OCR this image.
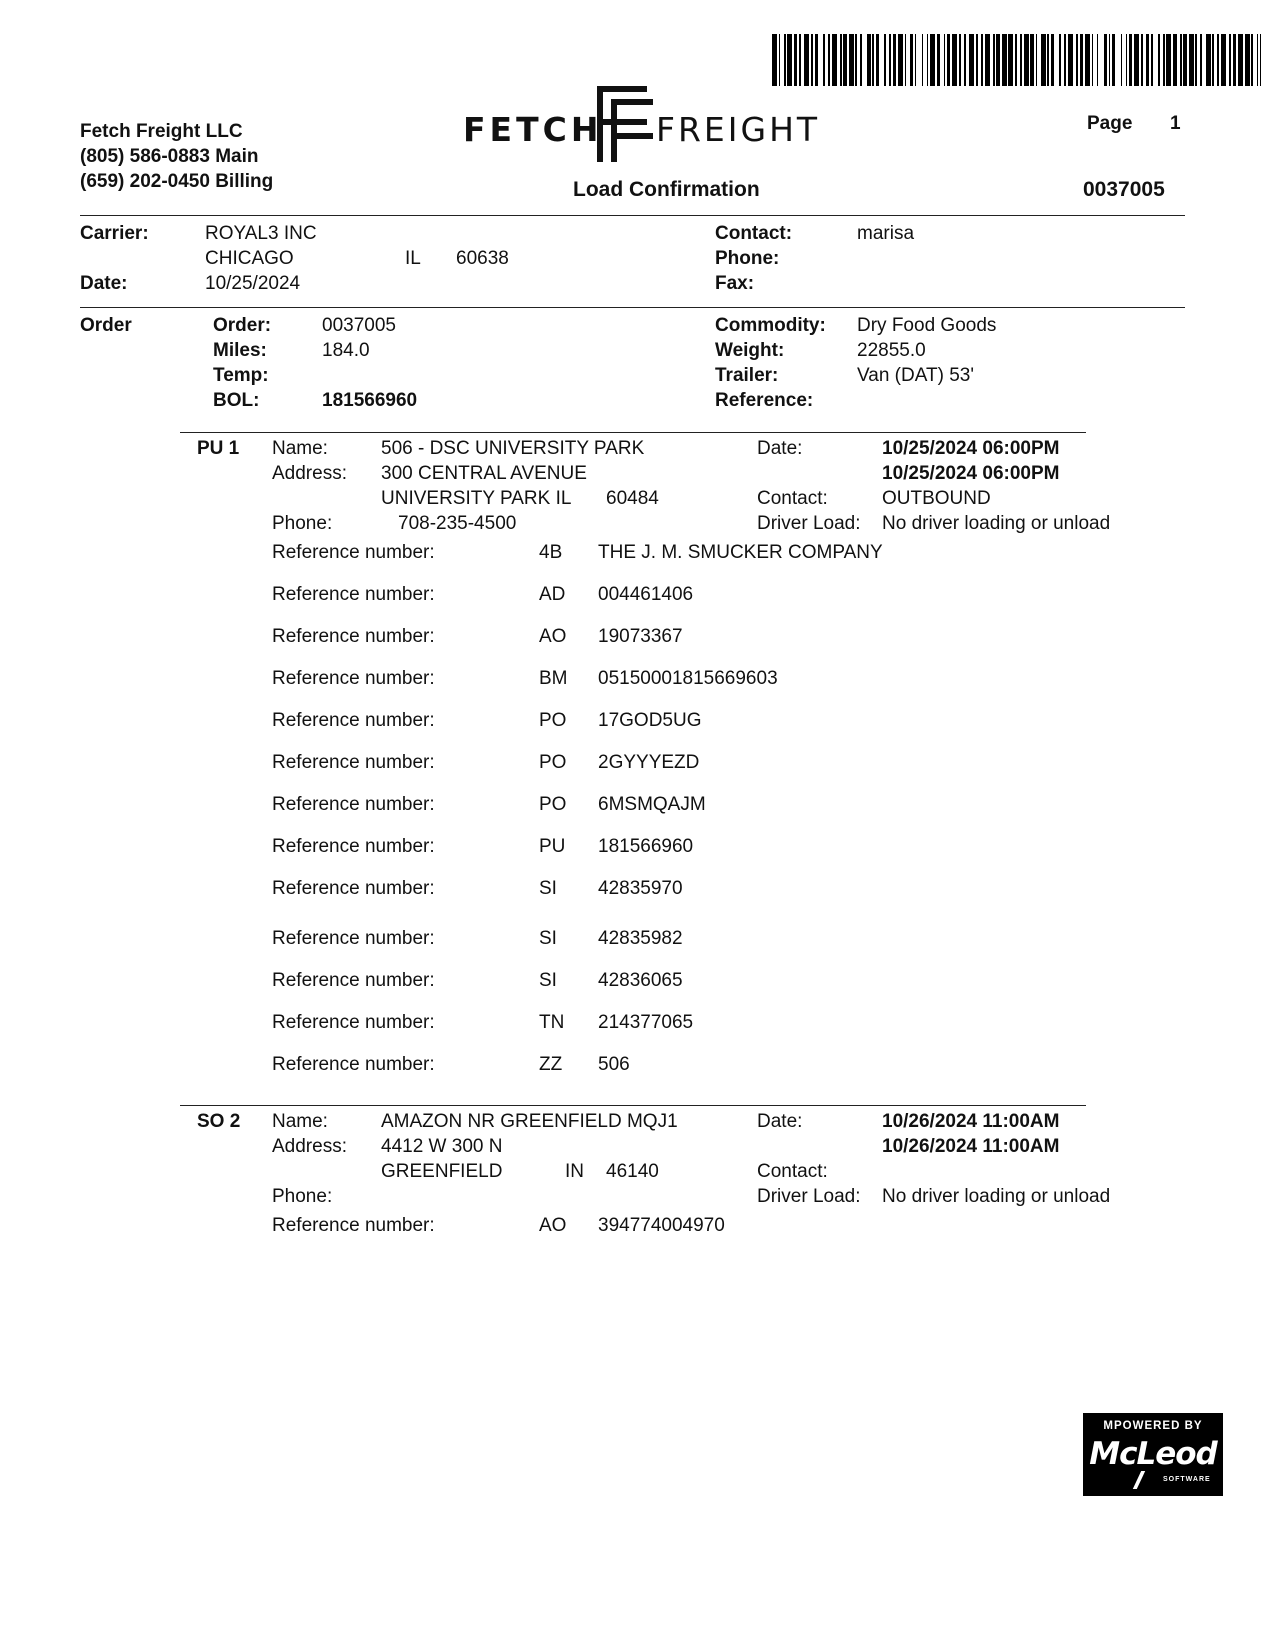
Fetch Freight LLC
(805) 586-0883 Main
(659) 202-0450 Billing
FETCH FREIGHT	Page 1
Load Confirmation	0037005
Carrier:	ROYAL3 INC
CHICAGO	IL 60638
Date:	10/25/2024
Contact:	marisa
Phone:
Fax:
Order	Order:	0037005
Miles:	184.0
Temp:
BOL:	181566960
Commodity: Dry Food Goods
Weight:	22855.0
Trailer:	Van (DAT) 53'
Reference:
PU 1 Name:	506 - DSC UNIVERSITY PARK
Address: 300 CENTRAL AVENUE
UNIVERSITY PARK IL 60484
Phone:	708-235-4500
Date:	10/25/2024 06:00PM
10/25/2024 06:00PM
Contact:	OUTBOUND
Driver Load: No driver loading or unload
Reference number:	4B THE J. M. SMUCKER COMPANY
Reference number:	AD 004461406
Reference number:	AO 19073367
Reference number:	BM 05150001815669603
Reference number:	PO 17GOD5UG
Reference number:	PO 2GYYYEZD
Reference number:	PO 6MSMQAJM
Reference number:	PU 181566960
Reference number:	SI 42835970
Reference number:	SI 42835982
Reference number:	SI 42836065
Reference number:	TN 214377065
Reference number:	ZZ 506
SO 2 Name:	AMAZON NR GREENFIELD MQJ1
Address: 4412 W 300 N
GREENFIELD	IN 46140
Phone:
Date:	10/26/2024 11:00AM
10/26/2024 11:00AM
Contact:
Driver Load: No driver loading or unload
Reference number:	AO 394774004970
MPOWERED BY
McLeod
SOFTWARE
